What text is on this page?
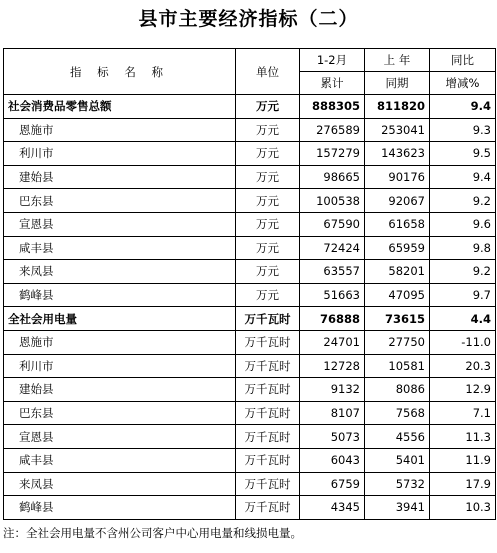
县市主要经济指标（二）
指 标 名 称	单位	1-2月	上 年	同比
		累计	同期	增减%
社会消费品零售总额	万元	888305	811820	9.4
恩施市	万元	276589	253041	9.3
利川市	万元	157279	143623	9.5
建始县	万元	98665	90176	9.4
巴东县	万元	100538	92067	9.2
宣恩县	万元	67590	61658	9.6
咸丰县	万元	72424	65959	9.8
来凤县	万元	63557	58201	9.2
鹤峰县	万元	51663	47095	9.7
全社会用电量	万千瓦时	76888	73615	4.4
恩施市	万千瓦时	24701	27750	-11.0
利川市	万千瓦时	12728	10581	20.3
建始县	万千瓦时	9132	8086	12.9
巴东县	万千瓦时	8107	7568	7.1
宣恩县	万千瓦时	5073	4556	11.3
咸丰县	万千瓦时	6043	5401	11.9
来凤县	万千瓦时	6759	5732	17.9
鹤峰县	万千瓦时	4345	3941	10.3
注：全社会用电量不含州公司客户中心用电量和线损电量。
